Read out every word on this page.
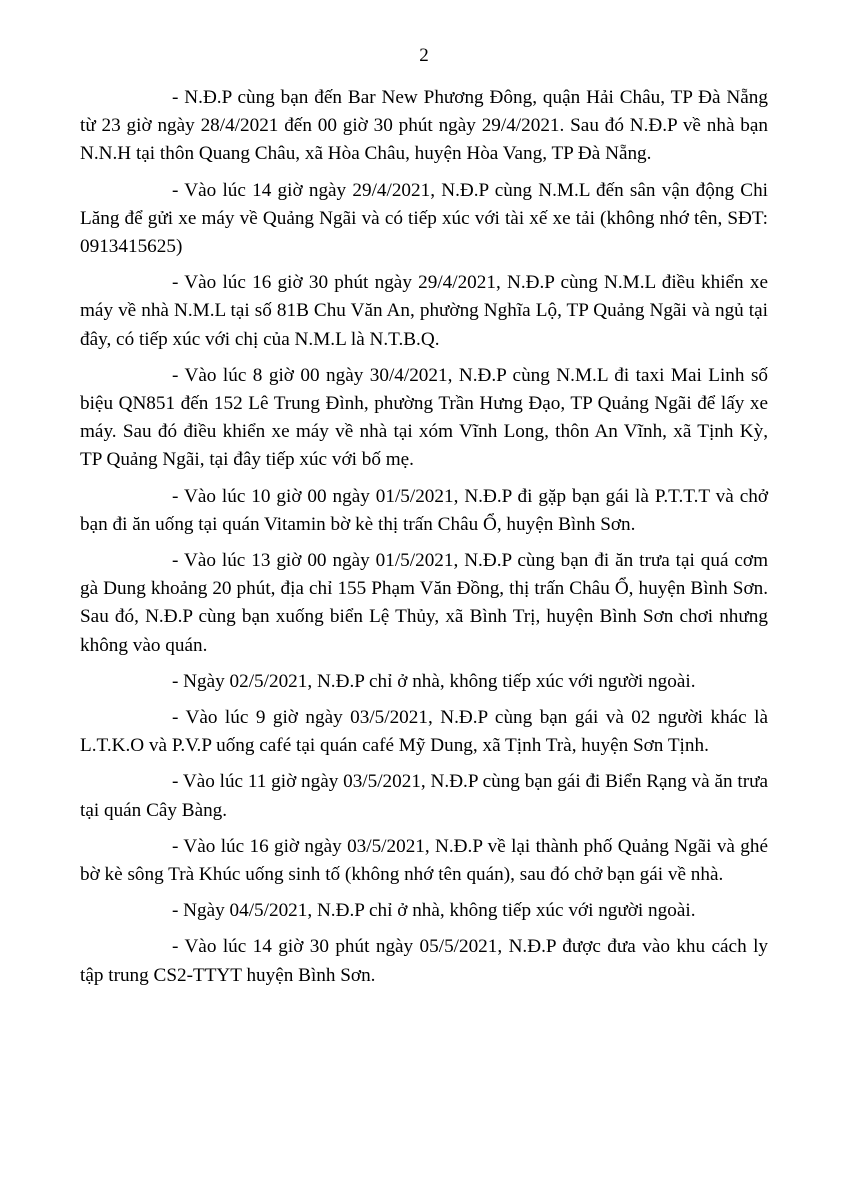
2

- N.Đ.P cùng bạn đến Bar New Phương Đông, quận Hải Châu, TP Đà Nẵng từ 23 giờ ngày 28/4/2021 đến 00 giờ 30 phút ngày 29/4/2021. Sau đó N.Đ.P về nhà bạn N.N.H tại thôn Quang Châu, xã Hòa Châu, huyện Hòa Vang, TP Đà Nẵng.

- Vào lúc 14 giờ ngày 29/4/2021, N.Đ.P cùng N.M.L đến sân vận động Chi Lăng để gửi xe máy về Quảng Ngãi và có tiếp xúc với tài xế xe tải (không nhớ tên, SĐT: 0913415625)

- Vào lúc 16 giờ 30 phút ngày 29/4/2021, N.Đ.P cùng N.M.L điều khiển xe máy về nhà N.M.L tại số 81B Chu Văn An, phường Nghĩa Lộ, TP Quảng Ngãi và ngủ tại đây, có tiếp xúc với chị của N.M.L là N.T.B.Q.

- Vào lúc 8 giờ 00 ngày 30/4/2021, N.Đ.P cùng N.M.L đi taxi Mai Linh số biệu QN851 đến 152 Lê Trung Đình, phường Trần Hưng Đạo, TP Quảng Ngãi để lấy xe máy. Sau đó điều khiển xe máy về nhà tại xóm Vĩnh Long, thôn An Vĩnh, xã Tịnh Kỳ, TP Quảng Ngãi, tại đây tiếp xúc với bố mẹ.

- Vào lúc 10 giờ 00 ngày 01/5/2021, N.Đ.P đi gặp bạn gái là P.T.T.T và chở bạn đi ăn uống tại quán Vitamin bờ kè thị trấn Châu Ổ, huyện Bình Sơn.

- Vào lúc 13 giờ 00 ngày 01/5/2021, N.Đ.P cùng bạn đi ăn trưa tại quá cơm gà Dung khoảng 20 phút, địa chỉ 155 Phạm Văn Đồng, thị trấn Châu Ổ, huyện Bình Sơn. Sau đó, N.Đ.P cùng bạn xuống biển Lệ Thủy, xã Bình Trị, huyện Bình Sơn chơi nhưng không vào quán.

- Ngày 02/5/2021, N.Đ.P chỉ ở nhà, không tiếp xúc với người ngoài.

- Vào lúc 9 giờ ngày 03/5/2021, N.Đ.P cùng bạn gái và 02 người khác là L.T.K.O và P.V.P uống café tại quán café Mỹ Dung, xã Tịnh Trà, huyện Sơn Tịnh.

- Vào lúc 11 giờ ngày 03/5/2021, N.Đ.P cùng bạn gái đi Biển Rạng và ăn trưa tại quán Cây Bàng.

- Vào lúc 16 giờ ngày 03/5/2021, N.Đ.P về lại thành phố Quảng Ngãi và ghé bờ kè sông Trà Khúc uống sinh tố (không nhớ tên quán), sau đó chở bạn gái về nhà.

- Ngày 04/5/2021, N.Đ.P chỉ ở nhà, không tiếp xúc với người ngoài.

- Vào lúc 14 giờ 30 phút ngày 05/5/2021, N.Đ.P được đưa vào khu cách ly tập trung CS2-TTYT huyện Bình Sơn.
